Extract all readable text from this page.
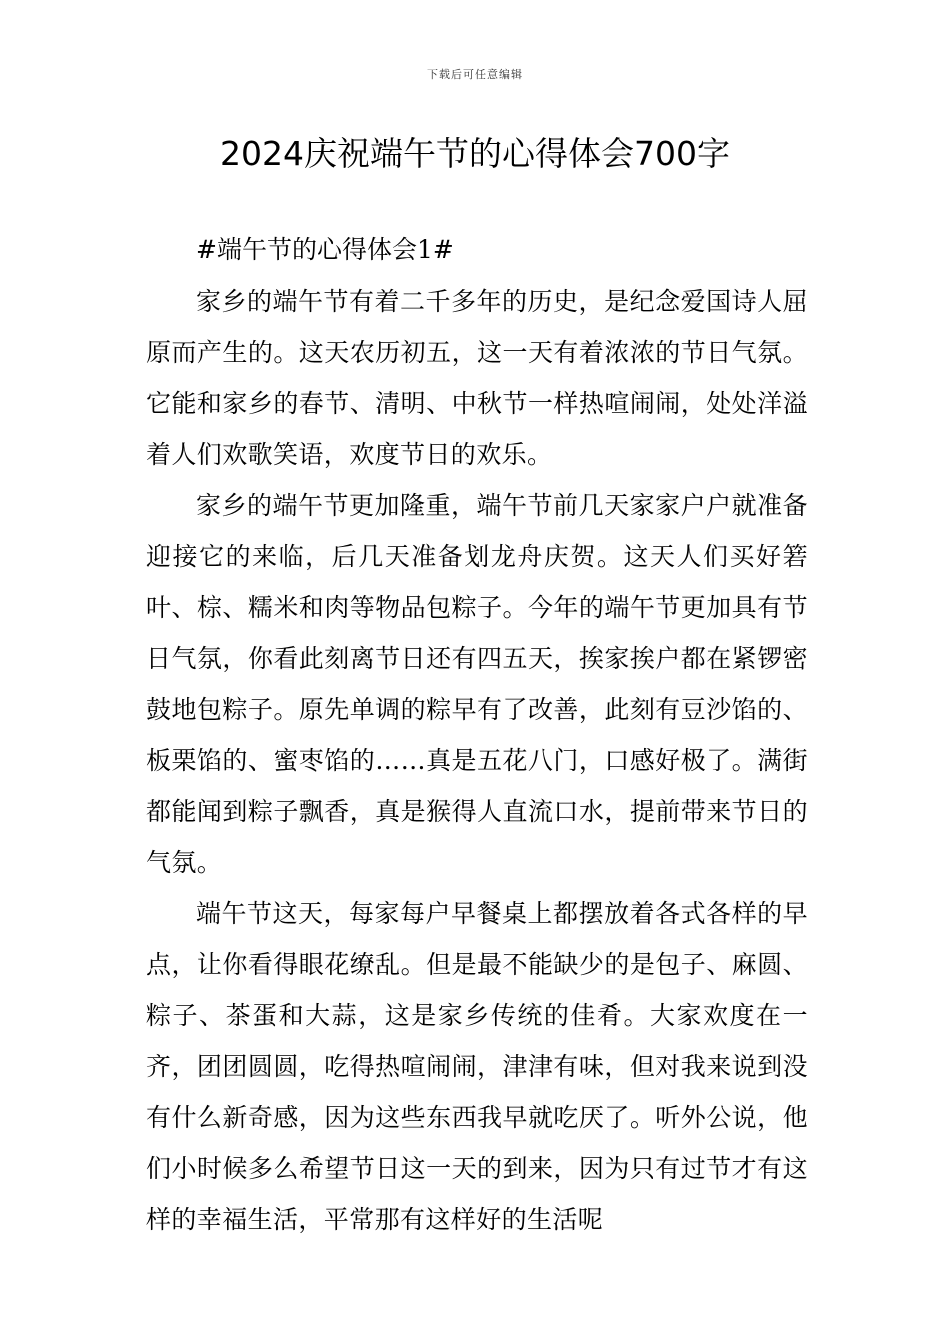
下载后可任意编辑
2024庆祝端午节的心得体会700字

#端午节的心得体会1#

家乡的端午节有着二千多年的历史，是纪念爱国诗人屈原而产生的。这天农历初五，这一天有着浓浓的节日气氛。它能和家乡的春节、清明、中秋节一样热喧闹闹，处处洋溢着人们欢歌笑语，欢度节日的欢乐。

家乡的端午节更加隆重，端午节前几天家家户户就准备迎接它的来临，后几天准备划龙舟庆贺。这天人们买好箬叶、棕、糯米和肉等物品包粽子。今年的端午节更加具有节日气氛，你看此刻离节日还有四五天，挨家挨户都在紧锣密鼓地包粽子。原先单调的粽早有了改善，此刻有豆沙馅的、板栗馅的、蜜枣馅的……真是五花八门，口感好极了。满街都能闻到粽子飘香，真是猴得人直流口水，提前带来节日的气氛。

端午节这天，每家每户早餐桌上都摆放着各式各样的早点，让你看得眼花缭乱。但是最不能缺少的是包子、麻圆、粽子、茶蛋和大蒜，这是家乡传统的佳肴。大家欢度在一齐，团团圆圆，吃得热喧闹闹，津津有味，但对我来说到没有什么新奇感，因为这些东西我早就吃厌了。听外公说，他们小时候多么希望节日这一天的到来，因为只有过节才有这样的幸福生活，平常那有这样好的生活呢
